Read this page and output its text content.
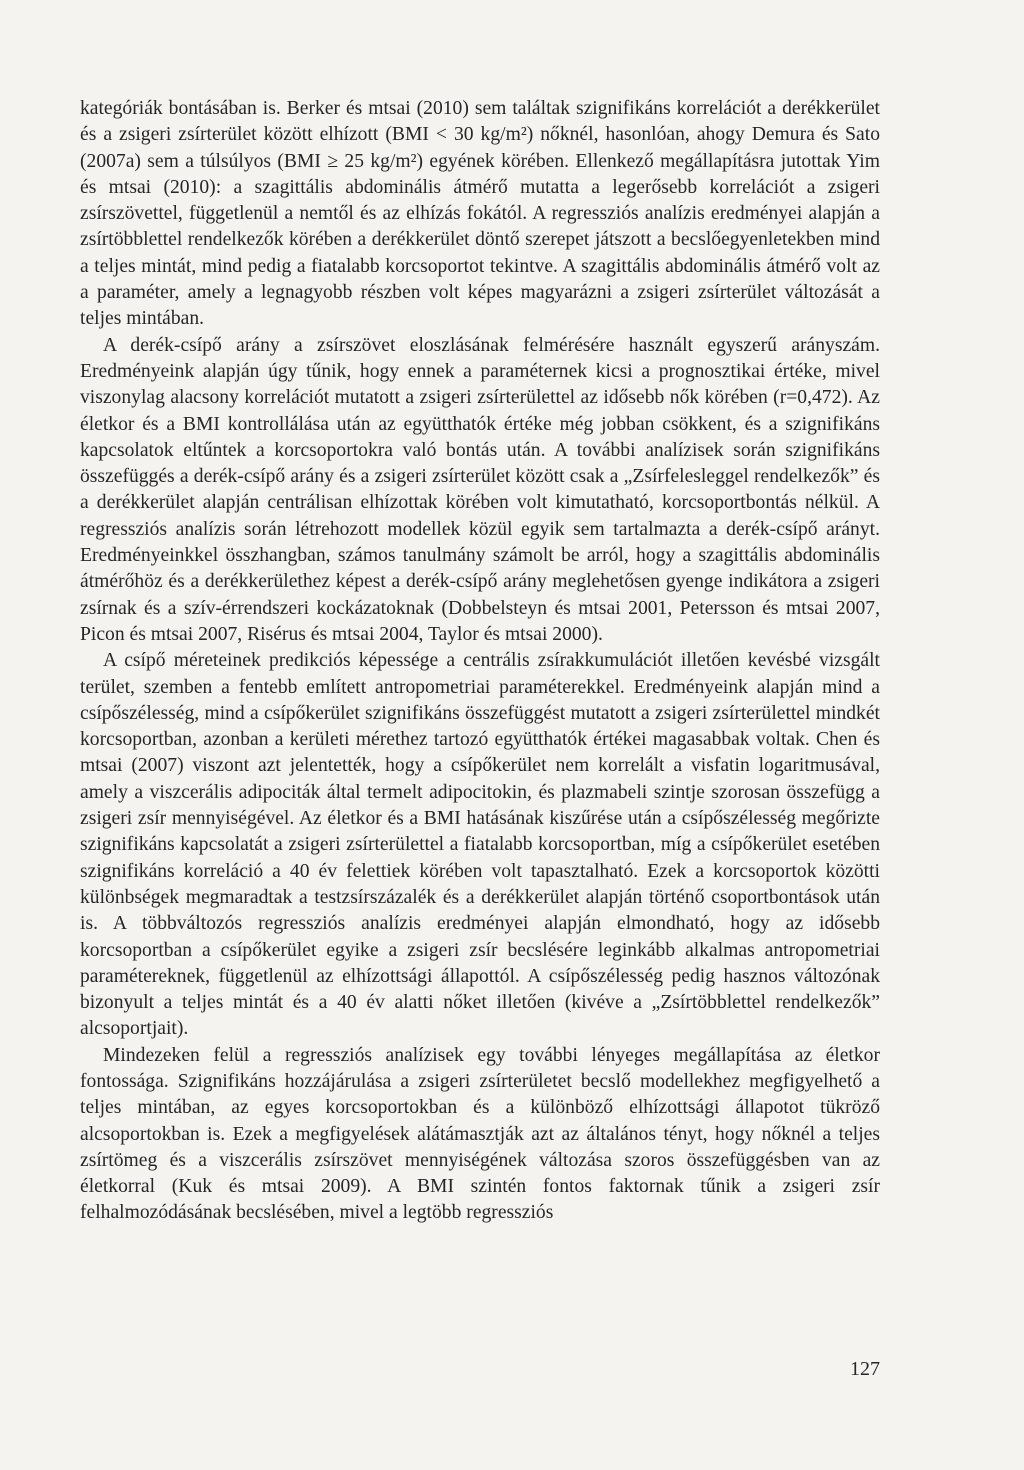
kategóriák bontásában is. Berker és mtsai (2010) sem találtak szignifikáns korrelációt a derékkerület és a zsigeri zsírterület között elhízott (BMI < 30 kg/m²) nőknél, hasonlóan, ahogy Demura és Sato (2007a) sem a túlsúlyos (BMI ≥ 25 kg/m²) egyének körében. Ellenkező megállapításra jutottak Yim és mtsai (2010): a szagittális abdominális átmérő mutatta a legerősebb korrelációt a zsigeri zsírszövettel, függetlenül a nemtől és az elhízás fokától. A regressziós analízis eredményei alapján a zsírtöbblettel rendelkezők körében a derékkerület döntő szerepet játszott a becslőegyenletekben mind a teljes mintát, mind pedig a fiatalabb korcsoportot tekintve. A szagittális abdominális átmérő volt az a paraméter, amely a legnagyobb részben volt képes magyarázni a zsigeri zsírterület változását a teljes mintában.

A derék-csípő arány a zsírszövet eloszlásának felmérésére használt egyszerű arányszám. Eredményeink alapján úgy tűnik, hogy ennek a paraméternek kicsi a prognosztikai értéke, mivel viszonylag alacsony korrelációt mutatott a zsigeri zsírterülettel az idősebb nők körében (r=0,472). Az életkor és a BMI kontrollálása után az együtthatók értéke még jobban csökkent, és a szignifikáns kapcsolatok eltűntek a korcsoportokra való bontás után. A további analízisek során szignifikáns összefüggés a derék-csípő arány és a zsigeri zsírterület között csak a „Zsírfelesleggel rendelkezők” és a derékkerület alapján centrálisan elhízottak körében volt kimutatható, korcsoportbontás nélkül. A regressziós analízis során létrehozott modellek közül egyik sem tartalmazta a derék-csípő arányt. Eredményeinkkel összhangban, számos tanulmány számolt be arról, hogy a szagittális abdominális átmérőhöz és a derékkerülethez képest a derék-csípő arány meglehetősen gyenge indikátora a zsigeri zsírnak és a szív-érrendszeri kockázatoknak (Dobbelsteyn és mtsai 2001, Petersson és mtsai 2007, Picon és mtsai 2007, Risérus és mtsai 2004, Taylor és mtsai 2000).

A csípő méreteinek predikciós képessége a centrális zsírakkumulációt illetően kevésbé vizsgált terület, szemben a fentebb említett antropometriai paraméterekkel. Eredményeink alapján mind a csípőszélesség, mind a csípőkerület szignifikáns összefüggést mutatott a zsigeri zsírterülettel mindkét korcsoportban, azonban a kerületi mérethez tartozó együtthatók értékei magasabbak voltak. Chen és mtsai (2007) viszont azt jelentették, hogy a csípőkerület nem korrelált a visfatin logaritmusával, amely a viszcerális adipociták által termelt adipocitokin, és plazmabeli szintje szorosan összefügg a zsigeri zsír mennyiségével. Az életkor és a BMI hatásának kiszűrése után a csípőszélesség megőrizte szignifikáns kapcsolatát a zsigeri zsírterülettel a fiatalabb korcsoportban, míg a csípőkerület esetében szignifikáns korreláció a 40 év felettiek körében volt tapasztalható. Ezek a korcsoportok közötti különbségek megmaradtak a testzsírszázalék és a derékkerület alapján történő csoportbontások után is. A többváltozós regressziós analízis eredményei alapján elmondható, hogy az idősebb korcsoportban a csípőkerület egyike a zsigeri zsír becslésére leginkább alkalmas antropometriai paramétereknek, függetlenül az elhízottsági állapottól. A csípőszélesség pedig hasznos változónak bizonyult a teljes mintát és a 40 év alatti nőket illetően (kivéve a „Zsírtöbblettel rendelkezők” alcsoportjait).

Mindezeken felül a regressziós analízisek egy további lényeges megállapítása az életkor fontossága. Szignifikáns hozzájárulása a zsigeri zsírterületet becslő modellekhez megfigyelhető a teljes mintában, az egyes korcsoportokban és a különböző elhízottsági állapotot tükröző alcsoportokban is. Ezek a megfigyelések alátámasztják azt az általános tényt, hogy nőknél a teljes zsírtömeg és a viszcerális zsírszövet mennyiségének változása szoros összefüggésben van az életkorral (Kuk és mtsai 2009). A BMI szintén fontos faktornak tűnik a zsigeri zsír felhalmozódásának becslésében, mivel a legtöbb regressziós

127
